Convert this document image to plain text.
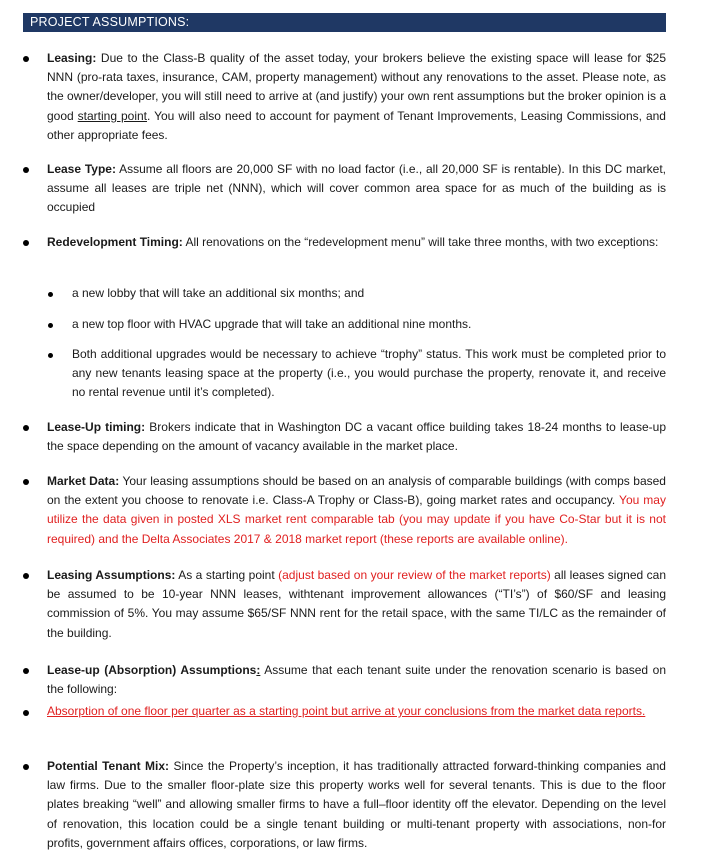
PROJECT ASSUMPTIONS:
Leasing: Due to the Class-B quality of the asset today, your brokers believe the existing space will lease for $25 NNN (pro-rata taxes, insurance, CAM, property management) without any renovations to the asset. Please note, as the owner/developer, you will still need to arrive at (and justify) your own rent assumptions but the broker opinion is a good starting point. You will also need to account for payment of Tenant Improvements, Leasing Commissions, and other appropriate fees.
Lease Type: Assume all floors are 20,000 SF with no load factor (i.e., all 20,000 SF is rentable). In this DC market, assume all leases are triple net (NNN), which will cover common area space for as much of the building as is occupied
Redevelopment Timing: All renovations on the “redevelopment menu” will take three months, with two exceptions:
a new lobby that will take an additional six months; and
a new top floor with HVAC upgrade that will take an additional nine months.
Both additional upgrades would be necessary to achieve “trophy” status. This work must be completed prior to any new tenants leasing space at the property (i.e., you would purchase the property, renovate it, and receive no rental revenue until it’s completed).
Lease-Up timing: Brokers indicate that in Washington DC a vacant office building takes 18-24 months to lease-up the space depending on the amount of vacancy available in the market place.
Market Data: Your leasing assumptions should be based on an analysis of comparable buildings (with comps based on the extent you choose to renovate i.e. Class-A Trophy or Class-B), going market rates and occupancy. You may utilize the data given in posted XLS market rent comparable tab (you may update if you have Co-Star but it is not required) and the Delta Associates 2017 & 2018 market report (these reports are available online).
Leasing Assumptions: As a starting point (adjust based on your review of the market reports) all leases signed can be assumed to be 10-year NNN leases, withtenant improvement allowances (“TI’s”) of $60/SF and leasing commission of 5%. You may assume $65/SF NNN rent for the retail space, with the same TI/LC as the remainder of the building.
Lease-up (Absorption) Assumptions: Assume that each tenant suite under the renovation scenario is based on the following:
Absorption of one floor per quarter as a starting point but arrive at your conclusions from the market data reports.
Potential Tenant Mix: Since the Property’s inception, it has traditionally attracted forward-thinking companies and law firms. Due to the smaller floor-plate size this property works well for several tenants. This is due to the floor plates breaking “well” and allowing smaller firms to have a full–floor identity off the elevator. Depending on the level of renovation, this location could be a single tenant building or multi-tenant property with associations, non-for profits, government affairs offices, corporations, or law firms.
